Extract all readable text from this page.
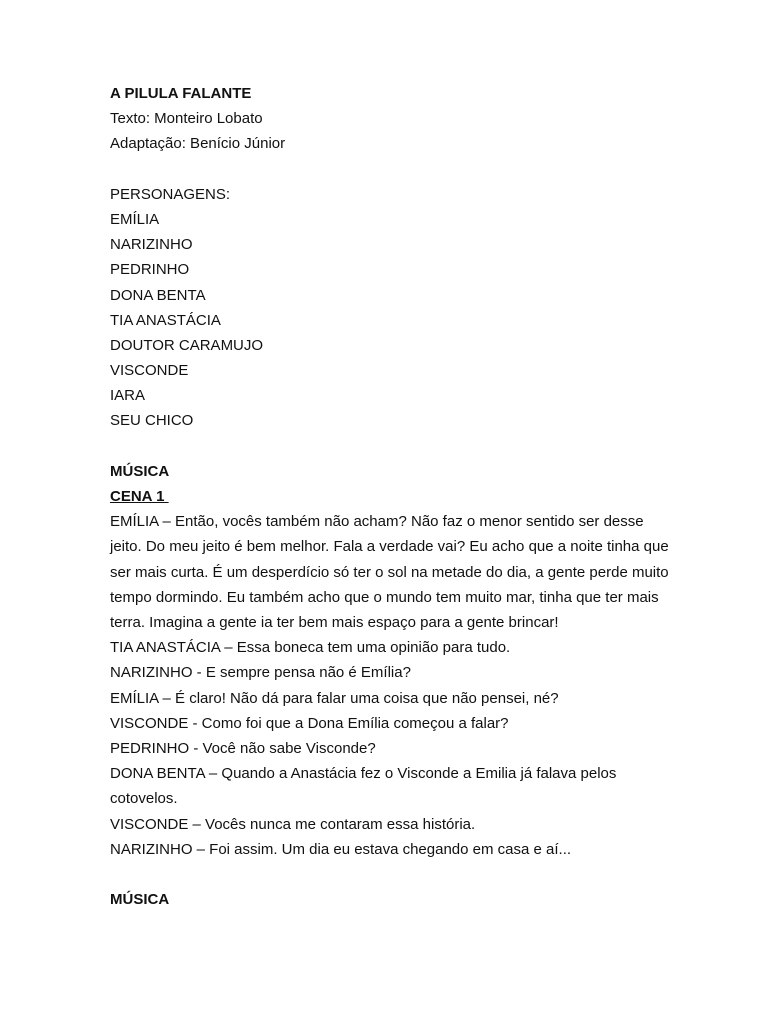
A PILULA FALANTE
Texto: Monteiro Lobato
Adaptação: Benício Júnior
PERSONAGENS:
EMÍLIA
NARIZINHO
PEDRINHO
DONA BENTA
TIA ANASTÁCIA
DOUTOR CARAMUJO
VISCONDE
IARA
SEU CHICO
MÚSICA
CENA 1
EMÍLIA – Então, vocês também não acham? Não faz o menor sentido ser desse jeito. Do meu jeito é bem melhor. Fala a verdade vai? Eu acho que a noite tinha que ser mais curta. É um desperdício só ter o sol na metade do dia, a gente perde muito tempo dormindo. Eu também acho que o mundo tem muito mar, tinha que ter mais terra. Imagina a gente ia ter bem mais espaço para a gente brincar!
TIA ANASTÁCIA – Essa boneca tem uma opinião para tudo.
NARIZINHO - E sempre pensa não é Emília?
EMÍLIA – É claro! Não dá para falar uma coisa que não pensei, né?
VISCONDE - Como foi que a Dona Emília começou a falar?
PEDRINHO - Você não sabe Visconde?
DONA BENTA – Quando a Anastácia fez o Visconde a Emilia já falava pelos cotovelos.
VISCONDE – Vocês nunca me contaram essa história.
NARIZINHO – Foi assim. Um dia eu estava chegando em casa e aí...
MÚSICA
